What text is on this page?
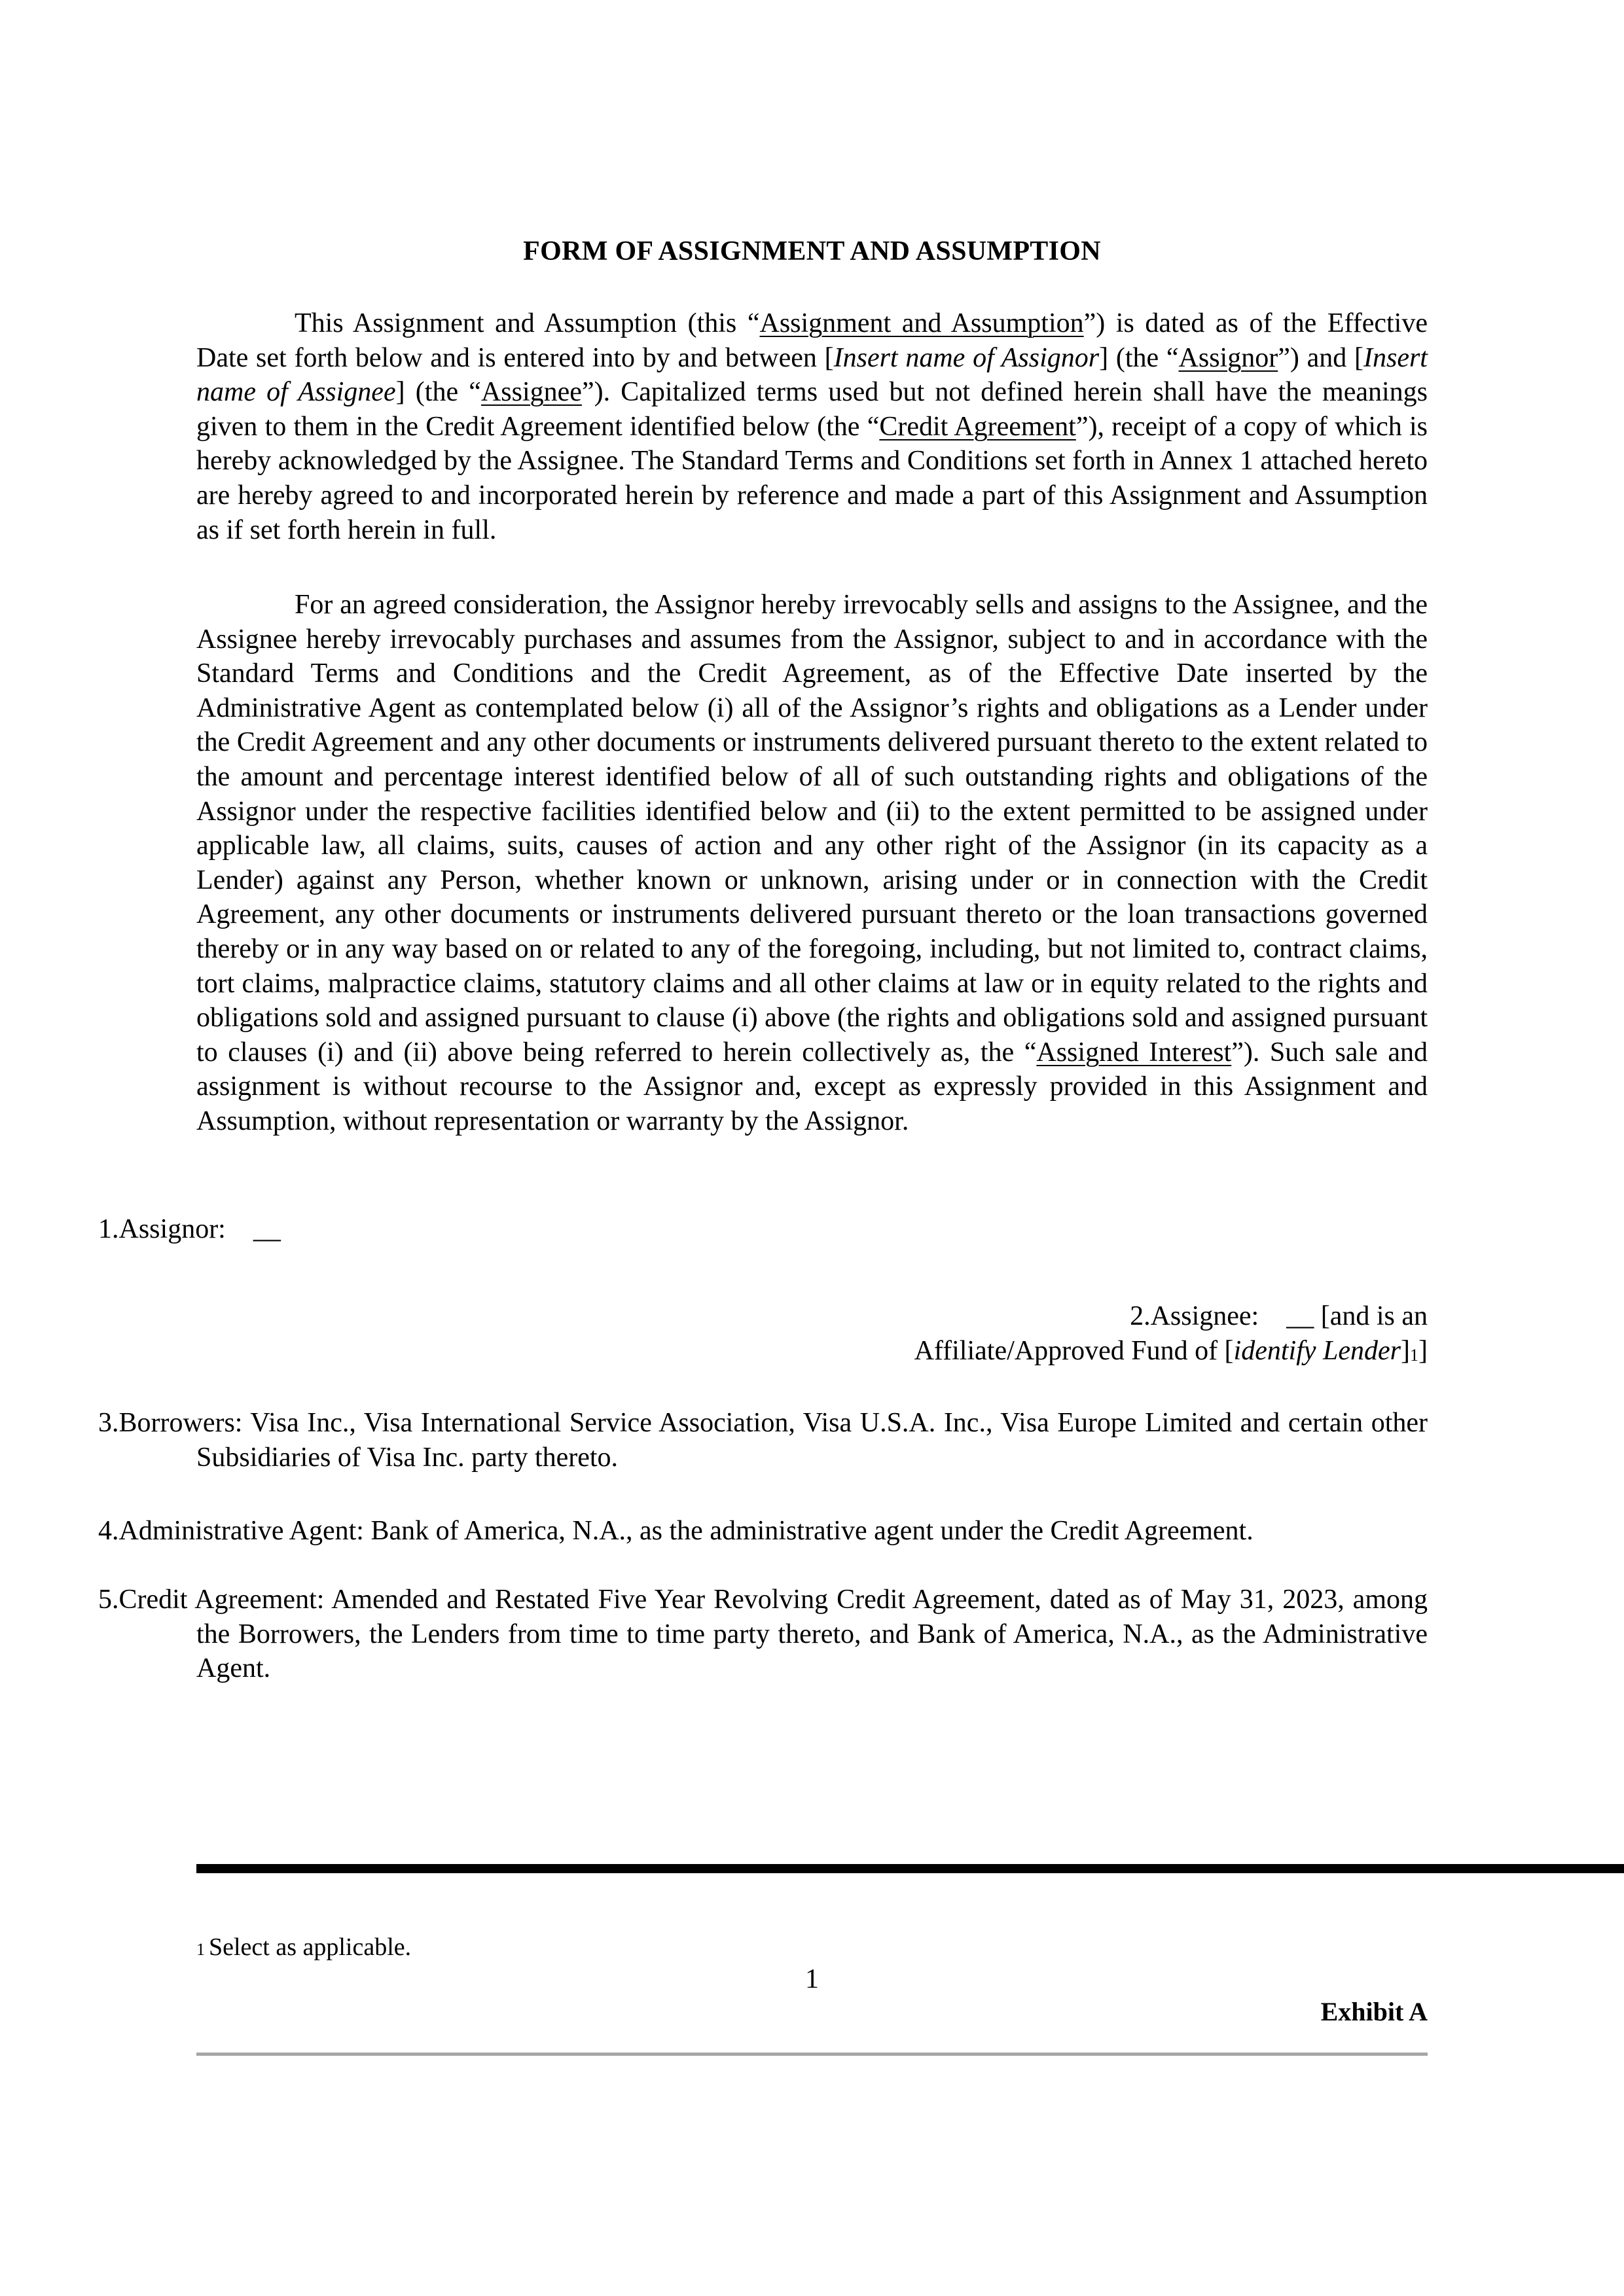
FORM OF ASSIGNMENT AND ASSUMPTION

This Assignment and Assumption (this “Assignment and Assumption”) is dated as of the Effective Date set forth below and is entered into by and between [Insert name of Assignor] (the “Assignor”) and [Insert name of Assignee] (the “Assignee”). Capitalized terms used but not defined herein shall have the meanings given to them in the Credit Agreement identified below (the “Credit Agreement”), receipt of a copy of which is hereby acknowledged by the Assignee. The Standard Terms and Conditions set forth in Annex 1 attached hereto are hereby agreed to and incorporated herein by reference and made a part of this Assignment and Assumption as if set forth herein in full.

For an agreed consideration, the Assignor hereby irrevocably sells and assigns to the Assignee, and the Assignee hereby irrevocably purchases and assumes from the Assignor, subject to and in accordance with the Standard Terms and Conditions and the Credit Agreement, as of the Effective Date inserted by the Administrative Agent as contemplated below (i) all of the Assignor’s rights and obligations as a Lender under the Credit Agreement and any other documents or instruments delivered pursuant thereto to the extent related to the amount and percentage interest identified below of all of such outstanding rights and obligations of the Assignor under the respective facilities identified below and (ii) to the extent permitted to be assigned under applicable law, all claims, suits, causes of action and any other right of the Assignor (in its capacity as a Lender) against any Person, whether known or unknown, arising under or in connection with the Credit Agreement, any other documents or instruments delivered pursuant thereto or the loan transactions governed thereby or in any way based on or related to any of the foregoing, including, but not limited to, contract claims, tort claims, malpractice claims, statutory claims and all other claims at law or in equity related to the rights and obligations sold and assigned pursuant to clause (i) above (the rights and obligations sold and assigned pursuant to clauses (i) and (ii) above being referred to herein collectively as, the “Assigned Interest”). Such sale and assignment is without recourse to the Assignor and, except as expressly provided in this Assignment and Assumption, without representation or warranty by the Assignor.

1.Assignor:    __
2.Assignee:    __ [and is an
Affiliate/Approved Fund of [identify Lender]1]
3.Borrowers: Visa Inc., Visa International Service Association, Visa U.S.A. Inc., Visa Europe Limited and certain other Subsidiaries of Visa Inc. party thereto.
4.Administrative Agent: Bank of America, N.A., as the administrative agent under the Credit Agreement.
5.Credit Agreement: Amended and Restated Five Year Revolving Credit Agreement, dated as of May 31, 2023, among the Borrowers, the Lenders from time to time party thereto, and Bank of America, N.A., as the Administrative Agent.
1 Select as applicable.
1
Exhibit A
